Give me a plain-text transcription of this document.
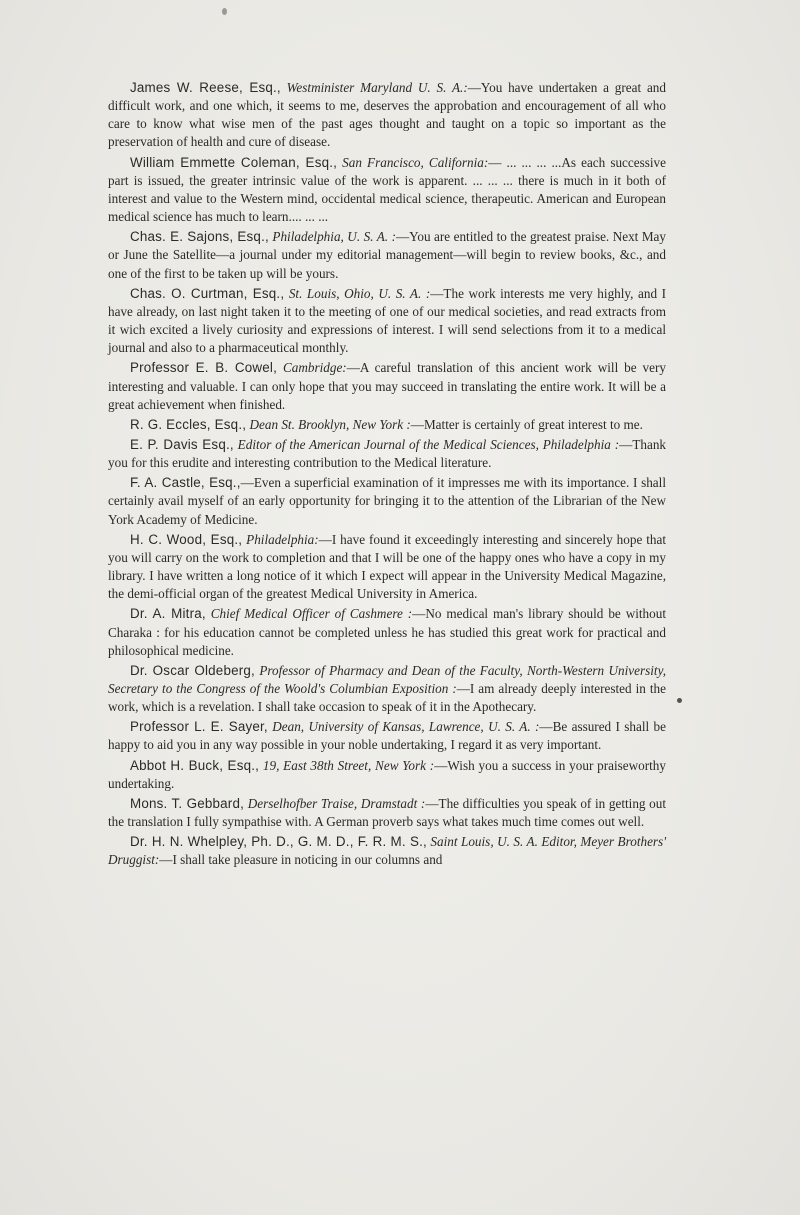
James W. Reese, Esq., Westminister Maryland U. S. A.:—You have undertaken a great and difficult work, and one which, it seems to me, deserves the approbation and encouragement of all who care to know what wise men of the past ages thought and taught on a topic so important as the preservation of health and cure of disease.

William Emmette Coleman, Esq., San Francisco, California:— ... ... ... ...As each successive part is issued, the greater intrinsic value of the work is apparent. ... ... ... there is much in it both of interest and value to the Western mind, occidental medical science, therapeutic. American and European medical science has much to learn.... ... ...

Chas. E. Sajons, Esq., Philadelphia, U. S. A. :—You are entitled to the greatest praise. Next May or June the Satellite—a journal under my editorial management—will begin to review books, &c., and one of the first to be taken up will be yours.

Chas. O. Curtman, Esq., St. Louis, Ohio, U. S. A. :—The work interests me very highly, and I have already, on last night taken it to the meeting of one of our medical societies, and read extracts from it wich excited a lively curiosity and expressions of interest. I will send selections from it to a medical journal and also to a pharmaceutical monthly.

Professor E. B. Cowel, Cambridge:—A careful translation of this ancient work will be very interesting and valuable. I can only hope that you may succeed in translating the entire work. It will be a great achievement when finished.

R. G. Eccles, Esq., Dean St. Brooklyn, New York :—Matter is certainly of great interest to me.

E. P. Davis Esq., Editor of the American Journal of the Medical Sciences, Philadelphia :—Thank you for this erudite and interesting contribution to the Medical literature.

F. A. Castle, Esq.,—Even a superficial examination of it impresses me with its importance. I shall certainly avail myself of an early opportunity for bringing it to the attention of the Librarian of the New York Academy of Medicine.

H. C. Wood, Esq., Philadelphia:—I have found it exceedingly interesting and sincerely hope that you will carry on the work to completion and that I will be one of the happy ones who have a copy in my library. I have written a long notice of it which I expect will appear in the University Medical Magazine, the demi-official organ of the greatest Medical University in America.

Dr. A. Mitra, Chief Medical Officer of Cashmere :—No medical man's library should be without Charaka : for his education cannot be completed unless he has studied this great work for practical and philosophical medicine.

Dr. Oscar Oldeberg, Professor of Pharmacy and Dean of the Faculty, North-Western University, Secretary to the Congress of the Woold's Columbian Exposition :—I am already deeply interested in the work, which is a revelation. I shall take occasion to speak of it in the Apothecary.

Professor L. E. Sayer, Dean, University of Kansas, Lawrence, U. S. A. :—Be assured I shall be happy to aid you in any way possible in your noble undertaking, I regard it as very important.

Abbot H. Buck, Esq., 19, East 38th Street, New York :—Wish you a success in your praiseworthy undertaking.

Mons. T. Gebbard, Derselhofber Traise, Dramstadt :—The difficulties you speak of in getting out the translation I fully sympathise with. A German proverb says what takes much time comes out well.

Dr. H. N. Whelpley, Ph. D., G. M. D., F. R. M. S., Saint Louis, U. S. A. Editor, Meyer Brothers' Druggist:—I shall take pleasure in noticing in our columns and
